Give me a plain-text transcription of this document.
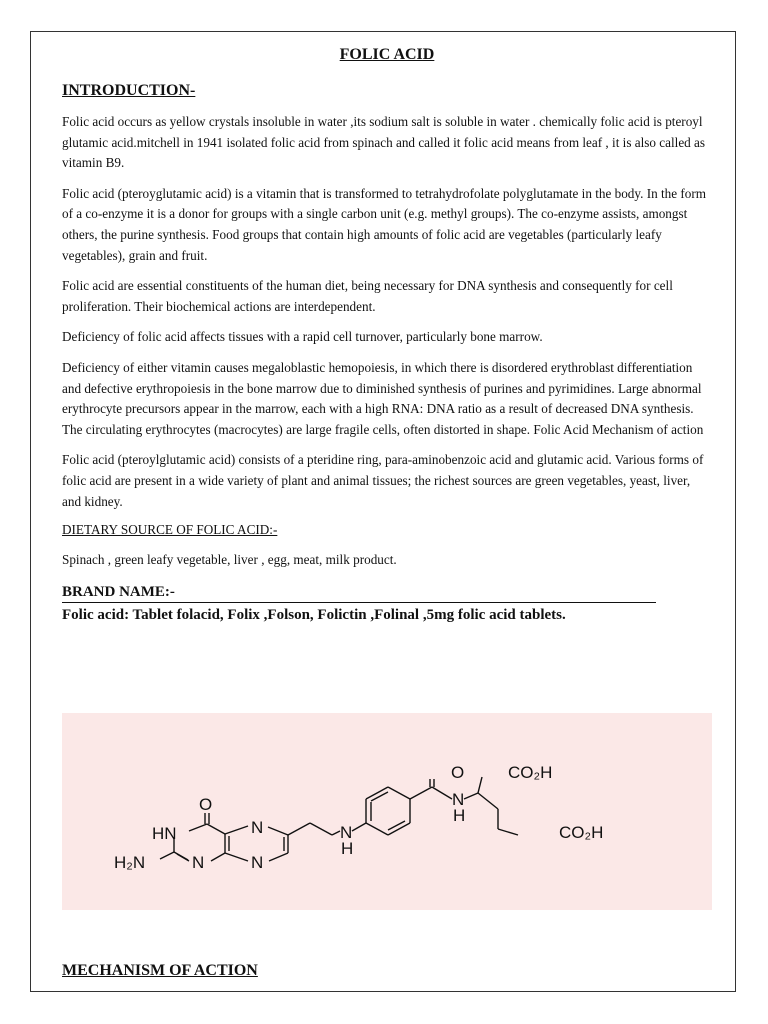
FOLIC ACID
INTRODUCTION-

Folic acid occurs as yellow crystals insoluble in water ,its sodium salt is soluble in water . chemically folic acid is pteroyl glutamic acid.mitchell in 1941 isolated folic acid from spinach and called it folic acid means from leaf , it is also called as vitamin B9.

Folic acid (pteroyglutamic acid) is a vitamin that is transformed to tetrahydrofolate polyglutamate in the body. In the form of a co-enzyme it is a donor for groups with a single carbon unit (e.g. methyl groups). The co-enzyme assists, amongst others, the purine synthesis. Food groups that contain high amounts of folic acid are vegetables (particularly leafy vegetables), grain and fruit.

Folic acid are essential constituents of the human diet, being necessary for DNA synthesis and consequently for cell proliferation. Their biochemical actions are interdependent.

Deficiency of folic acid affects tissues with a rapid cell turnover, particularly bone marrow.

Deficiency of either vitamin causes megaloblastic hemopoiesis, in which there is disordered erythroblast differentiation and defective erythropoiesis in the bone marrow due to diminished synthesis of purines and pyrimidines. Large abnormal erythrocyte precursors appear in the marrow, each with a high RNA: DNA ratio as a result of decreased DNA synthesis. The circulating erythrocytes (macrocytes) are large fragile cells, often distorted in shape. Folic Acid Mechanism of action

Folic acid (pteroylglutamic acid) consists of a pteridine ring, para-aminobenzoic acid and glutamic acid. Various forms of folic acid are present in a wide variety of plant and animal tissues; the richest sources are green vegetables, yeast, liver, and kidney.

DIETARY SOURCE OF FOLIC ACID:-

Spinach , green leafy vegetable, liver , egg, meat, milk product.

BRAND NAME:-
Folic acid: Tablet folacid, Folix ,Folson, Folictin ,Folinal ,5mg folic acid tablets.
O
HN
N
H₂N
N
N
N
H
O
N
H
CO₂H
CO₂H
MECHANISM OF ACTION
